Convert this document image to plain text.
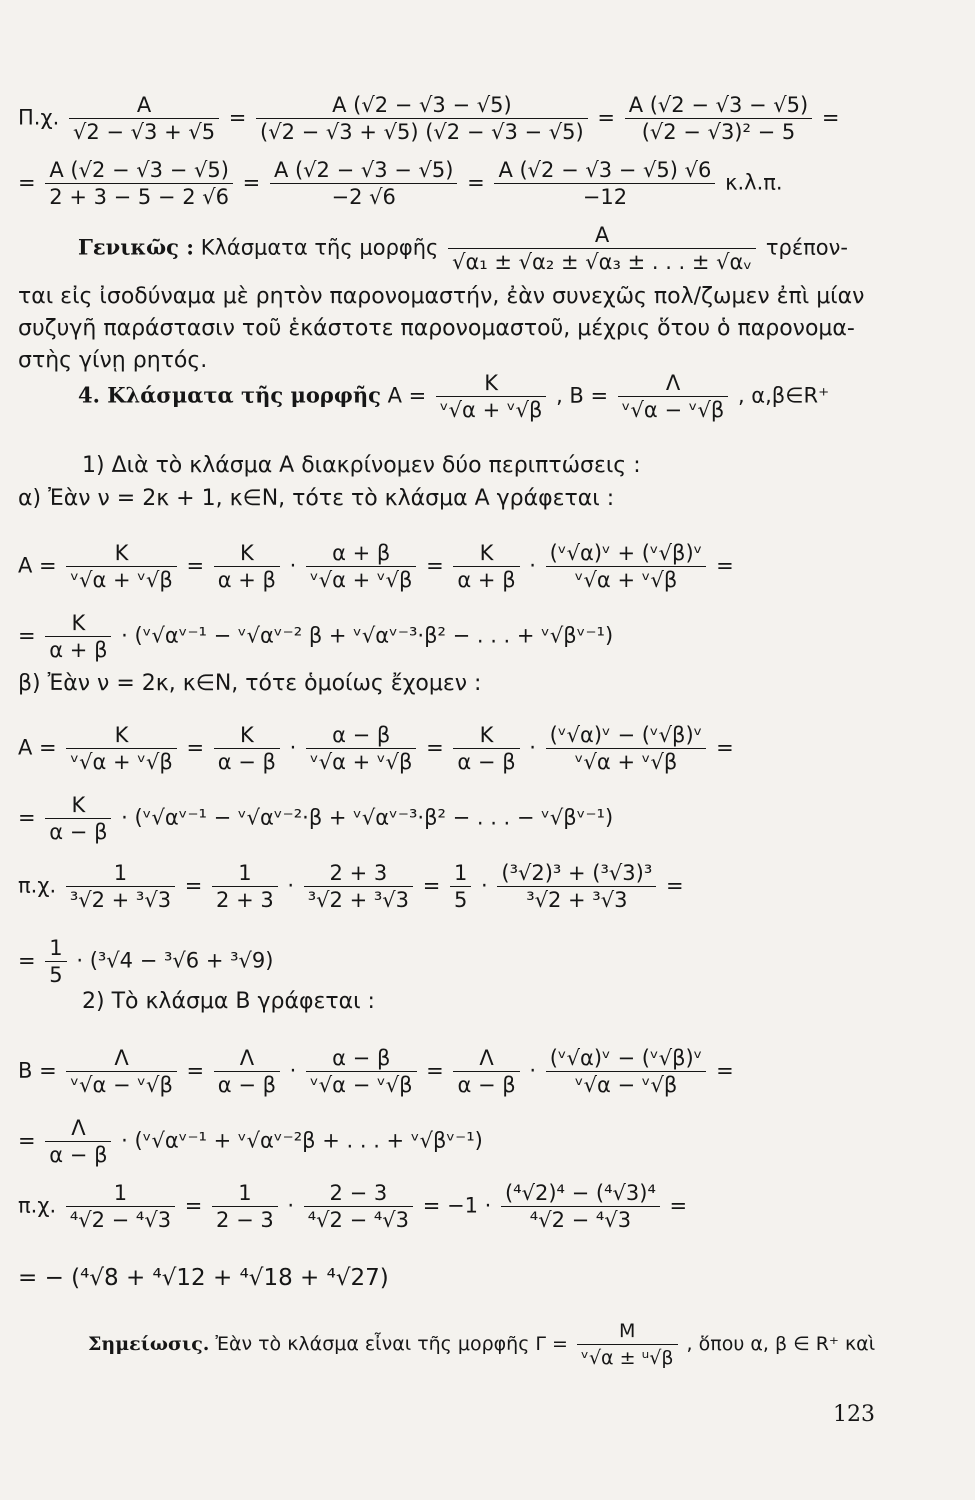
Π.χ. $\frac{A}{√2 - √3 + √5} = \frac{A (√2 - √3 - √5)}{(√2 - √3 + √5) (√2 - √3 - √5)} = \frac{A (√2 - √3 - √5)}{\text{(√2 − √3)² − 5}}$ =
= $\frac{A (√2 - √3 - √5)}{2 + 3 - 5 - 2 √6} = \frac{A (√2 - √3 - √5)}{-2 √6} = \frac{A (√2 - √3 - √5) √6}{-12} \kappa.\lambda.\pi$.
Γενικῶς : Κλάσματα τῆς μορφῆς $\frac{A}{\text{√α₁ ± √α₂ ± √α₃ ± . . . ± √αᵥ}} \tau\rho έ\pi o\nu-$
ται εἰς ἰσοδύναμα μὲ ρητὸν παρονομαστήν, ἐὰν συνεχῶς πολ/ζωμεν ἐπὶ μίαν
συζυγῆ παράστασιν τοῦ ἑκάστοτε παρονομαστοῦ, μέχρις ὅτου ὁ παρονομα-
στὴς γίνῃ ρητός.
4. Κλάσματα τῆς μορφῆς $A = \frac{K}{\text{ᵛ√α + ᵛ√β}}$ , $B = \frac{\Lambda}{\text{ᵛ√α − ᵛ√β}}$ , α,β∈R⁺
1) Διὰ τὸ κλάσμα Α διακρίνομεν δύο περιπτώσεις :
α) Ἐὰν ν = 2κ + 1, κ∈Ν, τότε τὸ κλάσμα Α γράφεται :
$A = \frac{K}{\text{ᵛ√α + ᵛ√β}} = \frac{K}{\alpha + \beta} \cdot \frac{\alpha + \beta}{\text{ᵛ√α + ᵛ√β}} = \frac{K}{\alpha + \beta} \cdot \frac{\text{(ᵛ√α)ᵛ + (ᵛ√β)ᵛ}}{\text{ᵛ√α + ᵛ√β}}$ =
= $\frac{K}{\alpha + \beta}$ · (ᵛ√αᵛ⁻¹ − ᵛ√αᵛ⁻² β + ᵛ√αᵛ⁻³·β² − . . . + ᵛ√βᵛ⁻¹)
β) Ἐὰν ν = 2κ, κ∈Ν, τότε ὁμοίως ἔχομεν :
$A = \frac{K}{\text{ᵛ√α + ᵛ√β}} = \frac{K}{\alpha - \beta} \cdot \frac{\alpha - \beta}{\text{ᵛ√α + ᵛ√β}} = \frac{K}{\alpha - \beta} \cdot \frac{\text{(ᵛ√α)ᵛ − (ᵛ√β)ᵛ}}{\text{ᵛ√α + ᵛ√β}}$ =
= $\frac{K}{\alpha - \beta}$ · (ᵛ√αᵛ⁻¹ − ᵛ√αᵛ⁻²·β + ᵛ√αᵛ⁻³·β² − . . . − ᵛ√βᵛ⁻¹)
π.χ. $\frac{1}{\text{³√2 + ³√3}} = \frac{1}{2 + 3} \cdot \frac{2 + 3}{\text{³√2 + ³√3}} = \frac{1}{5} \cdot \frac{\text{(³√2)³ + (³√3)³}}{\text{³√2 + ³√3}}$ =
= $\frac{1}{5} \cdot (^3√4 - ^3√6 + ^3√9)$
2) Τὸ κλάσμα Β γράφεται :
$B = \frac{\Lambda}{\text{ᵛ√α − ᵛ√β}} = \frac{\Lambda}{\alpha - \beta} \cdot \frac{\alpha - \beta}{\text{ᵛ√α − ᵛ√β}} = \frac{\Lambda}{\alpha - \beta} \cdot \frac{\text{(ᵛ√α)ᵛ − (ᵛ√β)ᵛ}}{\text{ᵛ√α − ᵛ√β}}$ =
= $\frac{\Lambda}{\alpha - \beta}$ · (ᵛ√αᵛ⁻¹ + ᵛ√αᵛ⁻²β + . . . + ᵛ√βᵛ⁻¹)
π.χ. $\frac{1}{\text{⁴√2 − ⁴√3}} = \frac{1}{2 - 3} \cdot \frac{2 - 3}{\text{⁴√2 − ⁴√3}} = -1 \cdot \frac{\text{(⁴√2)⁴ − (⁴√3)⁴}}{\text{⁴√2 − ⁴√3}}$ =
= − (⁴√8 + ⁴√12 + ⁴√18 + ⁴√27)
Σημείωσις. Ἐὰν τὸ κλάσμα εἶναι τῆς μορφῆς $\Gamma = \frac{M}{\text{ᵛ√α ± ᵘ√β}}$ , ὅπου α, β ∈ R⁺ καὶ
123
